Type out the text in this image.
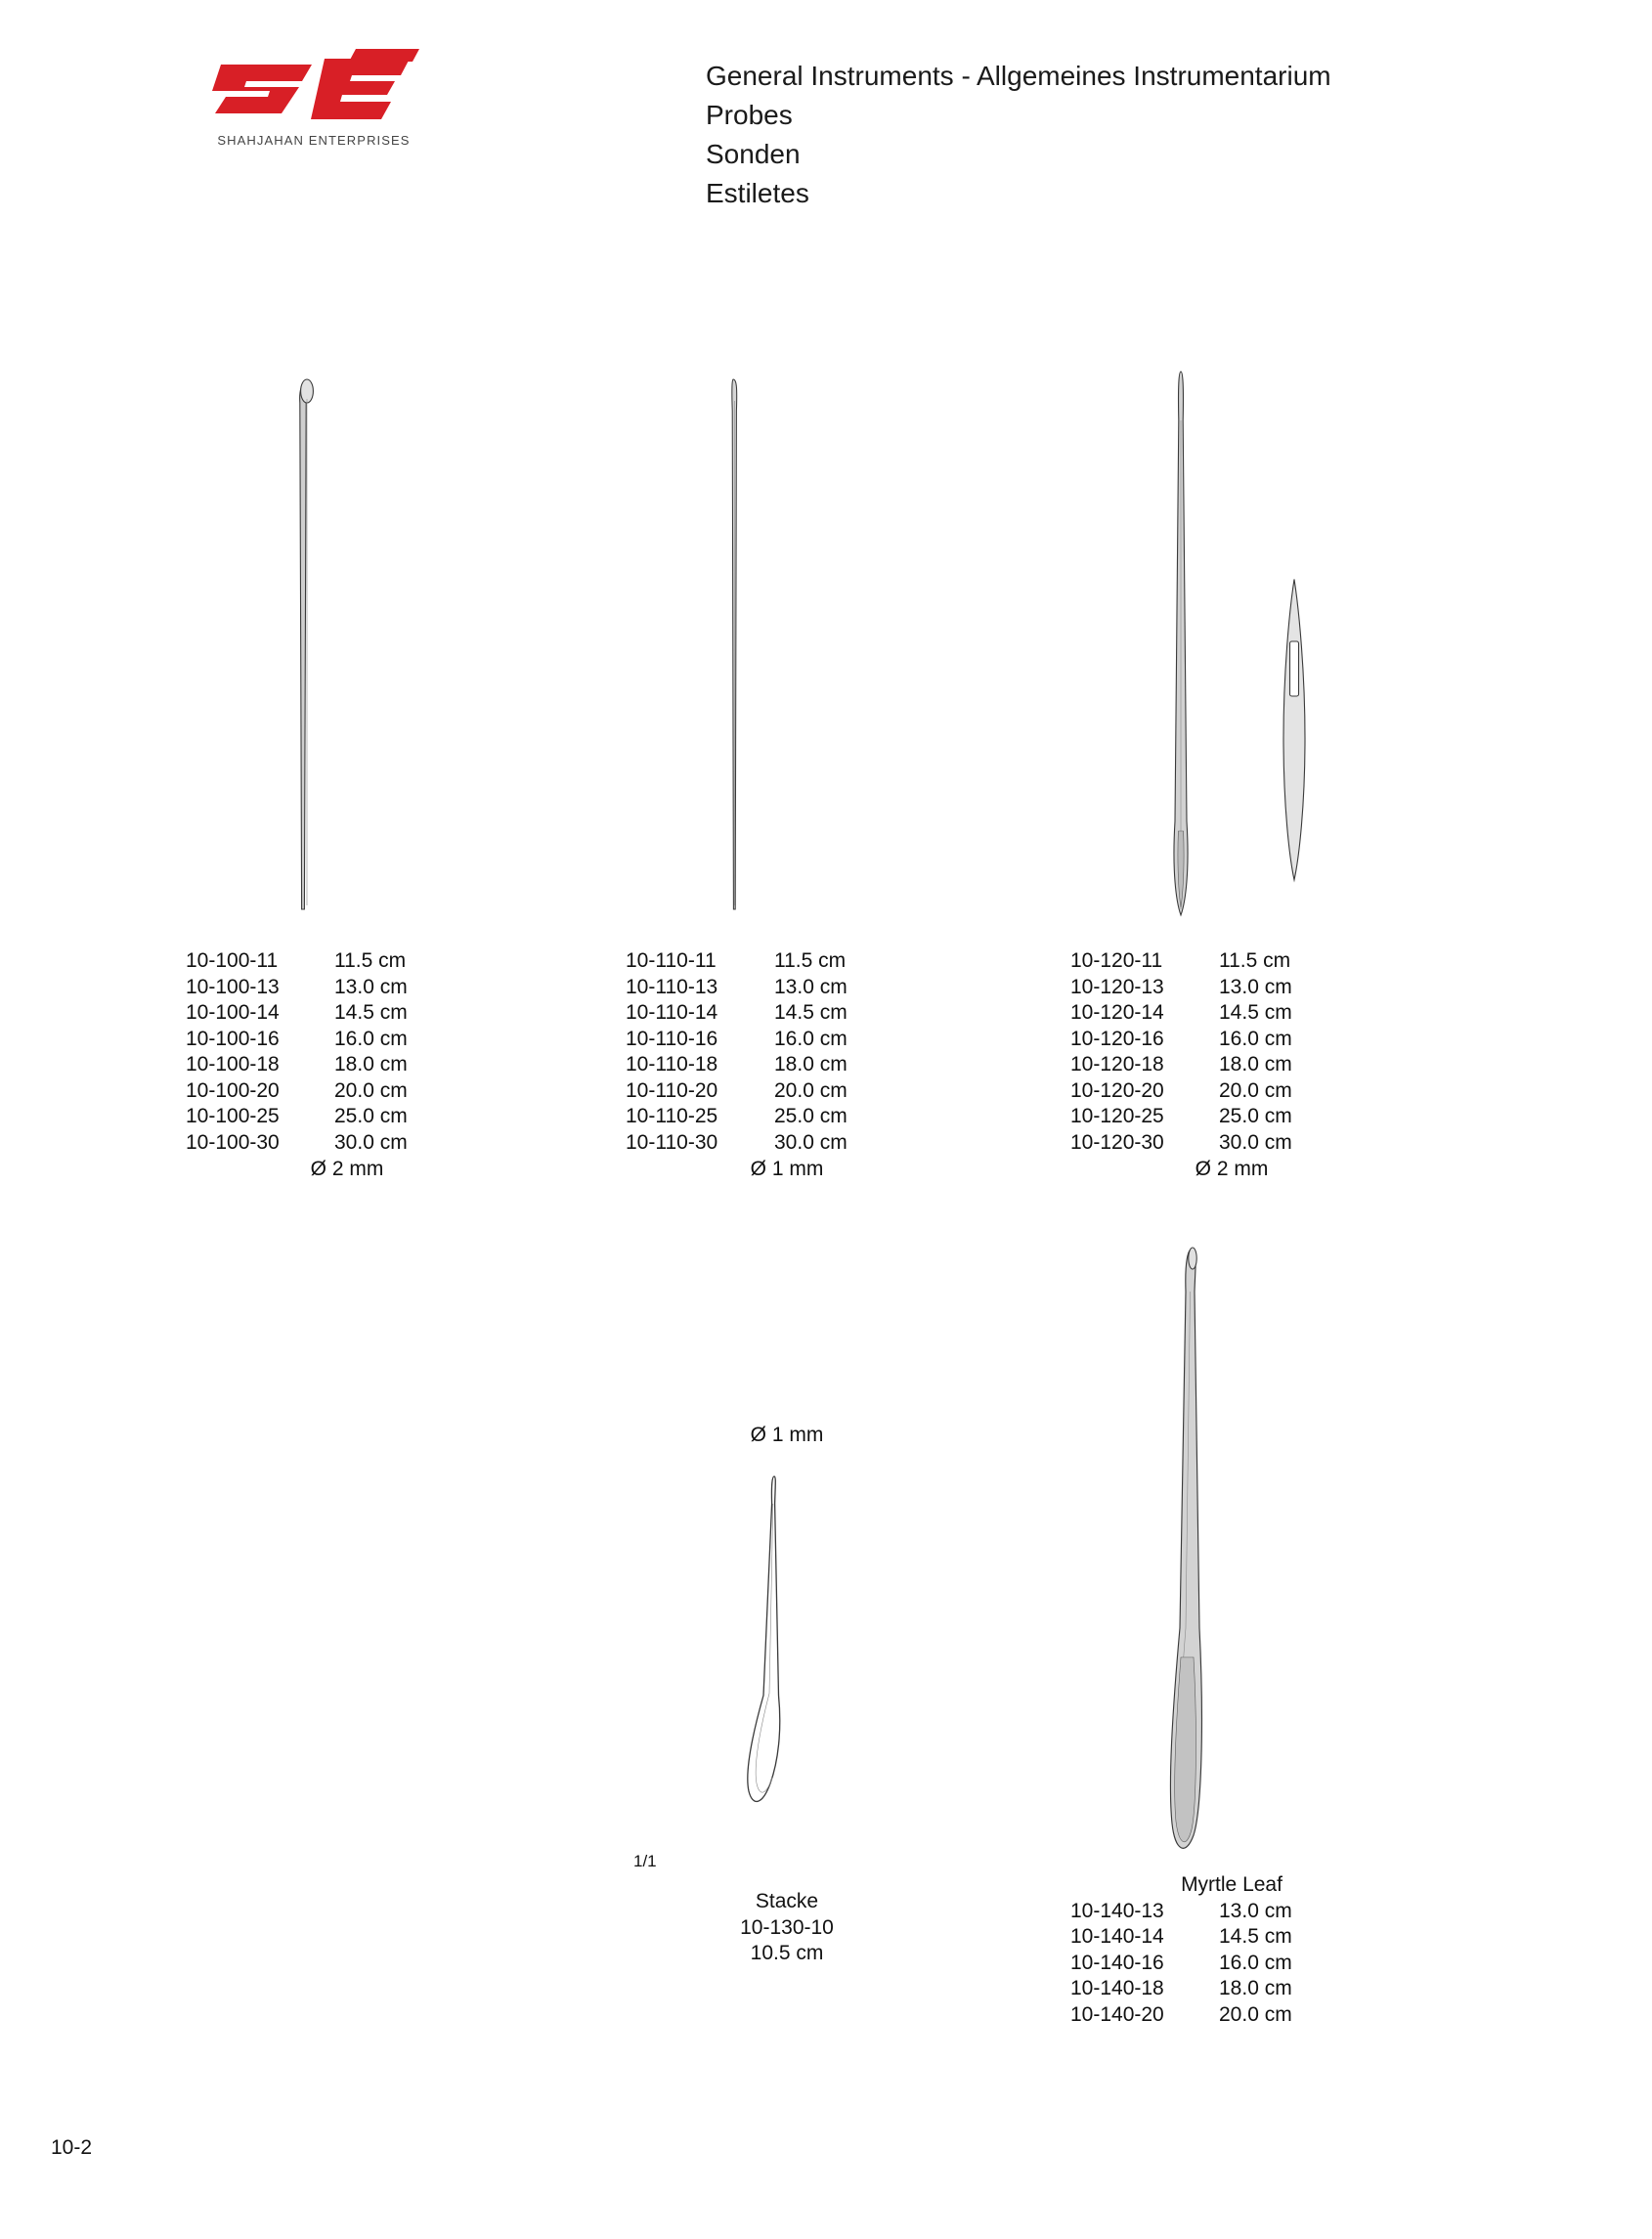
SHAHJAHAN ENTERPRISES
General Instruments - Allgemeines Instrumentarium
Probes
Sonden
Estiletes
10-100-11	11.5 cm
10-100-13	13.0 cm
10-100-14	14.5 cm
10-100-16	16.0 cm
10-100-18	18.0 cm
10-100-20	20.0 cm
10-100-25	25.0 cm
10-100-30	30.0 cm
Ø 2 mm
10-110-11	11.5 cm
10-110-13	13.0 cm
10-110-14	14.5 cm
10-110-16	16.0 cm
10-110-18	18.0 cm
10-110-20	20.0 cm
10-110-25	25.0 cm
10-110-30	30.0 cm
Ø 1 mm
10-120-11	11.5 cm
10-120-13	13.0 cm
10-120-14	14.5 cm
10-120-16	16.0 cm
10-120-18	18.0 cm
10-120-20	20.0 cm
10-120-25	25.0 cm
10-120-30	30.0 cm
Ø 2 mm
Ø 1 mm
1/1
Stacke
10-130-10
10.5 cm
Myrtle Leaf
10-140-13	13.0 cm
10-140-14	14.5 cm
10-140-16	16.0 cm
10-140-18	18.0 cm
10-140-20	20.0 cm
10-2
